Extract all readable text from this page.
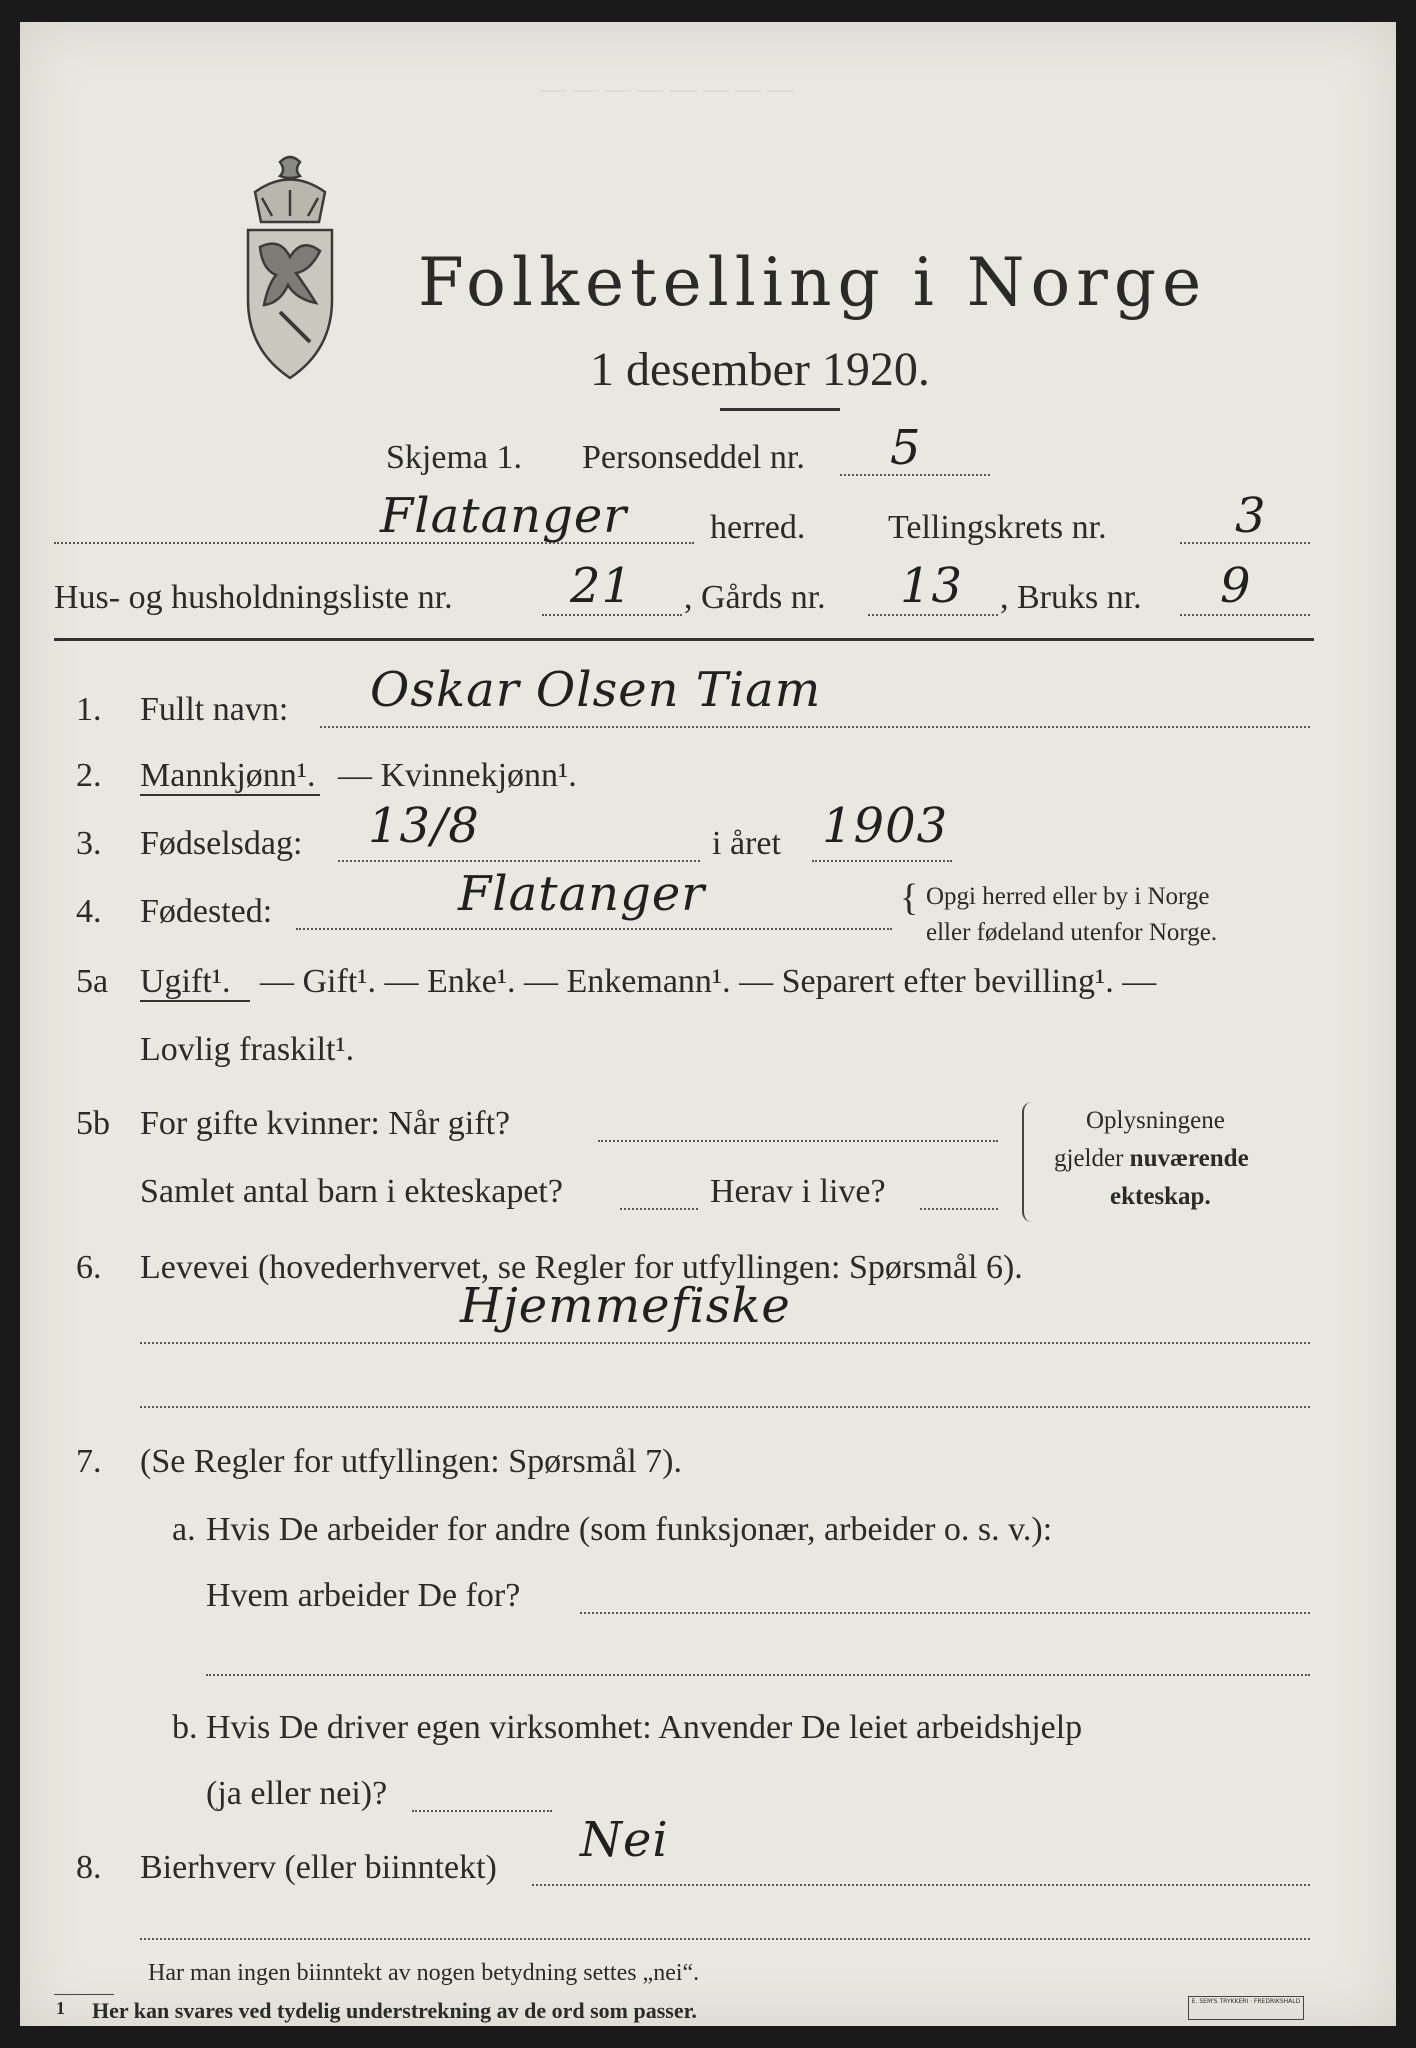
— — — — — — — —
Folketelling i Norge
1 desember 1920.
Skjema 1. Personseddel nr. 5
Flatanger herred. Tellingskrets nr.	3
Hus- og husholdningsliste nr. 21 , Gårds nr. 13 , Bruks nr. 9
1. Fullt navn: Oskar Olsen Tiam
2. Mannkjønn¹. — Kvinnekjønn¹.
3. Fødselsdag: 13/8	i året 1903
4. Fødested:	Flatanger	{ Opgi herred eller by i Norge
eller fødeland utenfor Norge.
5a Ugift¹. — Gift¹. — Enke¹. — Enkemann¹. — Separert efter bevilling¹. —
Lovlig fraskilt¹.
5b For gifte kvinner: Når gift?
Samlet antal barn i ekteskapet?	Herav i live?
Oplysningene
gjelder nuværende
ekteskap.
6. Levevei (hovederhvervet, se Regler for utfyllingen: Spørsmål 6).
Hjemmefiske
7. (Se Regler for utfyllingen: Spørsmål 7).
a. Hvis De arbeider for andre (som funksjonær, arbeider o. s. v.):
Hvem arbeider De for?
b. Hvis De driver egen virksomhet: Anvender De leiet arbeidshjelp
(ja eller nei)?
8. Bierhverv (eller biinntekt) Nei
Har man ingen biinntekt av nogen betydning settes „nei“.
1 Her kan svares ved tydelig understrekning av de ord som passer.	E. SEM'S TRYKKERI · FREDRIKSHALD
